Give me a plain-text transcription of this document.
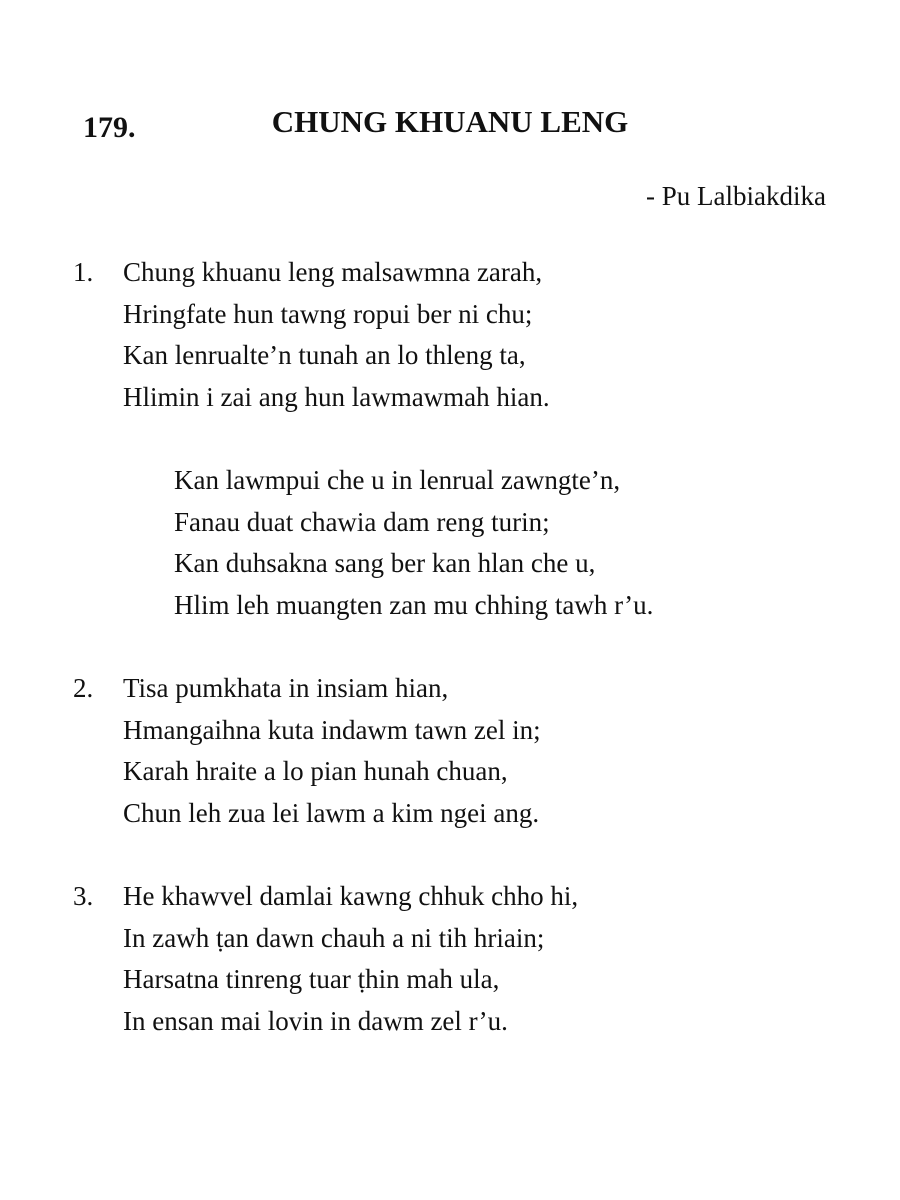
179.	CHUNG KHUANU LENG
- Pu Lalbiakdika
1. Chung khuanu leng malsawmna zarah,
Hringfate hun tawng ropui ber ni chu;
Kan lenrualte’n tunah an lo thleng ta,
Hlimin i zai ang hun lawmawmah hian.
Kan lawmpui che u in lenrual zawngte’n,
Fanau duat chawia dam reng turin;
Kan duhsakna sang ber kan hlan che u,
Hlim leh muangten zan mu chhing tawh r’u.
2. Tisa pumkhata in insiam hian,
Hmangaihna kuta indawm tawn zel in;
Karah hraite a lo pian hunah chuan,
Chun leh zua lei lawm a kim ngei ang.
3. He khawvel damlai kawng chhuk chho hi,
In zawh ṭan dawn chauh a ni tih hriain;
Harsatna tinreng tuar ṭhin mah ula,
In ensan mai lovin in dawm zel r’u.
